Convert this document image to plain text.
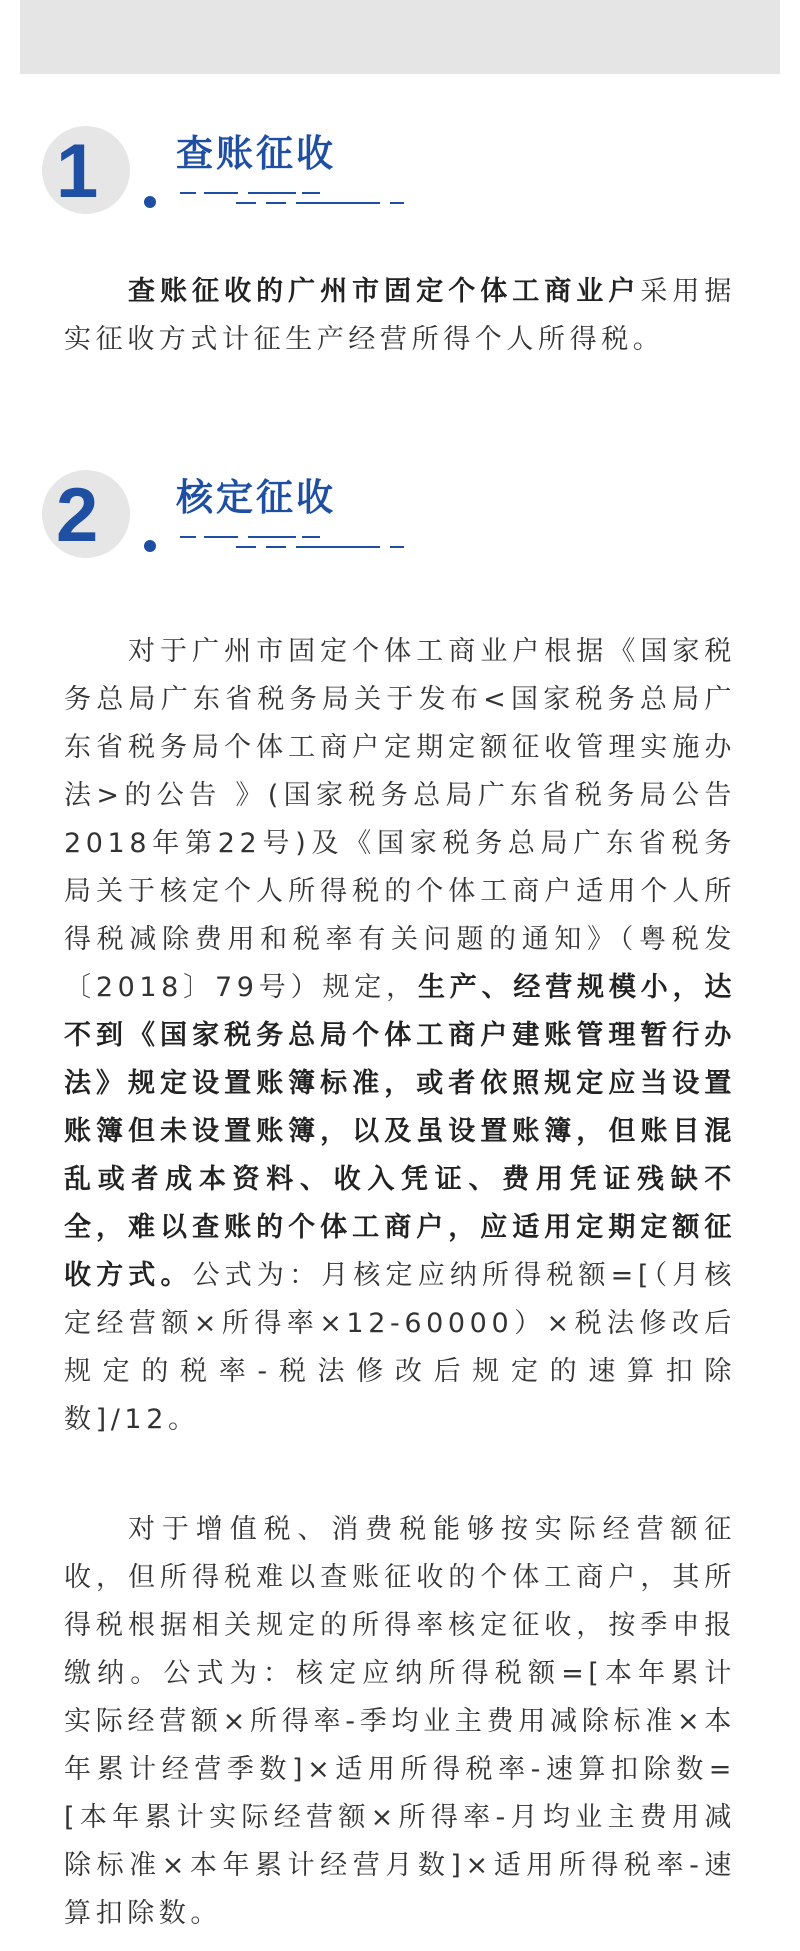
1 查账征收

查账征收的广州市固定个体工商业户采用据实征收方式计征生产经营所得个人所得税。

2 核定征收

对于广州市固定个体工商业户根据《国家税务总局广东省税务局关于发布<国家税务总局广东省税务局个体工商户定期定额征收管理实施办法>的公告 》(国家税务总局广东省税务局公告2018年第22号)及《国家税务总局广东省税务局关于核定个人所得税的个体工商户适用个人所得税减除费用和税率有关问题的通知》（粤税发〔2018〕79号）规定，生产、经营规模小，达不到《国家税务总局个体工商户建账管理暂行办法》规定设置账簿标准，或者依照规定应当设置账簿但未设置账簿，以及虽设置账簿，但账目混乱或者成本资料、收入凭证、费用凭证残缺不全，难以查账的个体工商户，应适用定期定额征收方式。公式为：月核定应纳所得税额=[（月核定经营额×所得率×12-60000）×税法修改后规定的税率-税法修改后规定的速算扣除数]/12。

对于增值税、消费税能够按实际经营额征收，但所得税难以查账征收的个体工商户，其所得税根据相关规定的所得率核定征收，按季申报缴纳。公式为：核定应纳所得税额=[本年累计实际经营额×所得率-季均业主费用减除标准×本年累计经营季数]×适用所得税率-速算扣除数=[本年累计实际经营额×所得率-月均业主费用减除标准×本年累计经营月数]×适用所得税率-速算扣除数。
